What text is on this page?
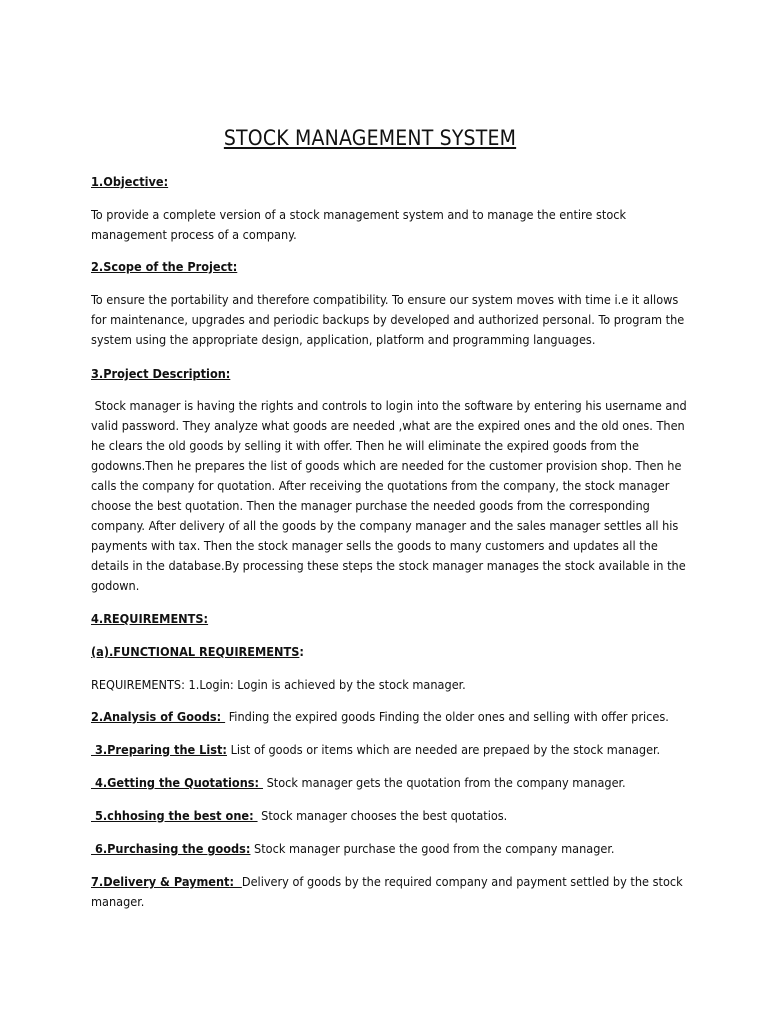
STOCK MANAGEMENT SYSTEM

1.Objective:

To provide a complete version of a stock management system and to manage the entire stock management process of a company.

2.Scope of the Project:

To ensure the portability and therefore compatibility. To ensure our system moves with time i.e it allows for maintenance, upgrades and periodic backups by developed and authorized personal. To program the system using the appropriate design, application, platform and programming languages.

3.Project Description:

Stock manager is having the rights and controls to login into the software by entering his username and valid password. They analyze what goods are needed ,what are the expired ones and the old ones. Then he clears the old goods by selling it with offer. Then he will eliminate the expired goods from the godowns.Then he prepares the list of goods which are needed for the customer provision shop. Then he calls the company for quotation. After receiving the quotations from the company, the stock manager choose the best quotation. Then the manager purchase the needed goods from the corresponding company. After delivery of all the goods by the company manager and the sales manager settles all his payments with tax. Then the stock manager sells the goods to many customers and updates all the details in the database.By processing these steps the stock manager manages the stock available in the godown.

4.REQUIREMENTS:

(a).FUNCTIONAL REQUIREMENTS:

REQUIREMENTS: 1.Login: Login is achieved by the stock manager.

2.Analysis of Goods:  Finding the expired goods Finding the older ones and selling with offer prices.

3.Preparing the List: List of goods or items which are needed are prepaed by the stock manager.

4.Getting the Quotations:  Stock manager gets the quotation from the company manager.

5.chhosing the best one:  Stock manager chooses the best quotatios.

6.Purchasing the goods: Stock manager purchase the good from the company manager.

7.Delivery & Payment:  Delivery of goods by the required company and payment settled by the stock manager.
